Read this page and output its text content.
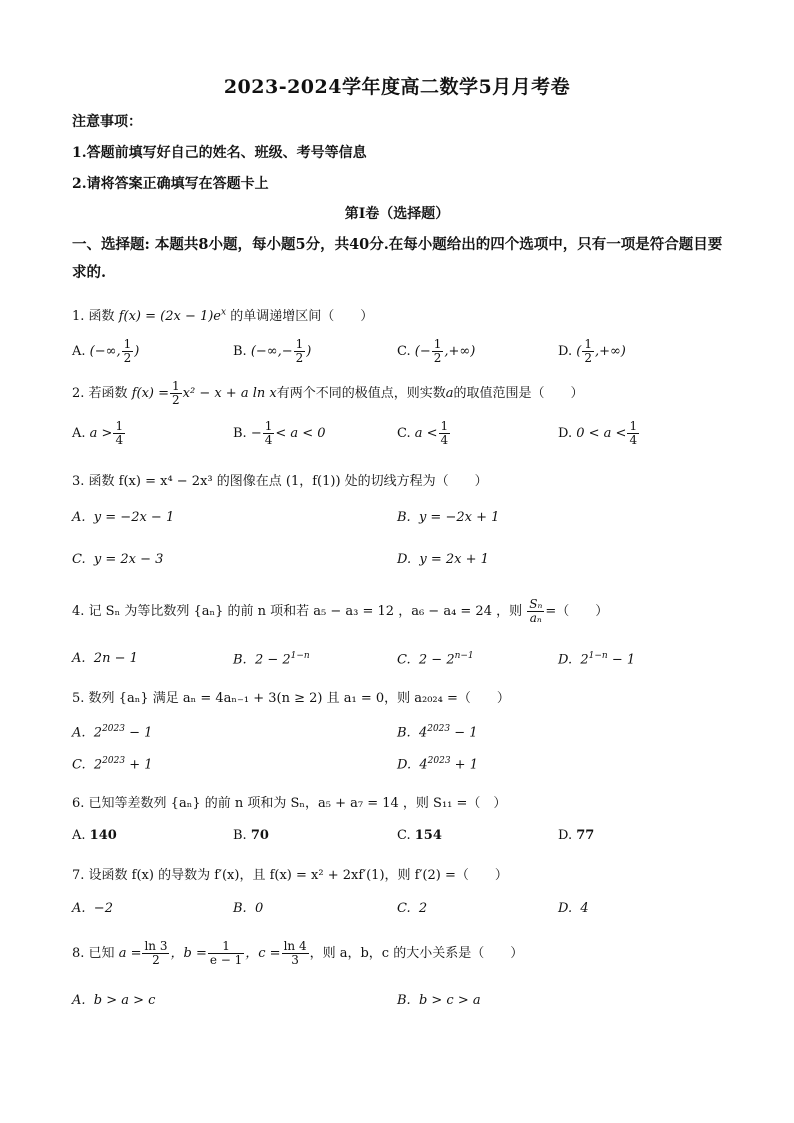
2023-2024学年度高二数学5月月考卷
注意事项：
1.答题前填写好自己的姓名、班级、考号等信息
2.请将答案正确填写在答题卡上
第I卷（选择题）
一、选择题: 本题共8小题，每小题5分，共40分.在每小题给出的四个选项中，只有一项是符合题目要求的.
1. 函数 $f(x) = (2x - 1)e^x$ 的单调递增区间（　　）
A. (−∞, $\frac{1}{2}$ )	B. (−∞,− $\frac{1}{2}$ )	C. (− $\frac{1}{2}$ ,+∞)	D. ( $\frac{1}{2}$ ,+∞)
2. 若函数 $f(x) = \frac{1}{2} x^2 - x + a$ ln x有两个不同的极值点，则实数a的取值范围是（　　）
A. $a > \frac{1}{4}$	B. − $\frac{1}{4} < a < 0$	C. $a < \frac{1}{4}$	D. $0 < a < \frac{1}{4}$
3. 函数 f(x) = x⁴ − 2x³ 的图像在点 (1，f(1)) 处的切线方程为（　　）
A. y = −2x − 1	B. y = −2x + 1
C. y = 2x − 3	D. y = 2x + 1
4. 记 Sₙ 为等比数列 {aₙ} 的前 n 项和若 a₅ − a₃ = 12 ，a₆ − a₄ = 24 ，则 $\frac{\text{Sₙ}}{\text{aₙ}}$ =（　　）
A. 2n − 1	B. $2 - 2^{1-n}$	C. $2 - 2^{n-1}$	D. $2^{1-n} - 1$
5. 数列 {aₙ} 满足 aₙ = 4aₙ₋₁ + 3(n ≥ 2) 且 a₁ = 0，则 a₂₀₂₄ =（　　）
A. $2^{2023} - 1$	B. $4^{2023} - 1$
C. $2^{2023} + 1$	D. $4^{2023} + 1$
6. 已知等差数列 {aₙ} 的前 n 项和为 Sₙ，a₅ + a₇ = 14 ，则 S₁₁ =（　）
A. 140	B. 70	C. 154	D. 77
7. 设函数 f(x) 的导数为 f′(x)，且 f(x) = x² + 2xf′(1)，则 f′(2) =（　　）
A. −2	B. 0	C. 2	D. 4
8. 已知 $a = \frac{\ln 3}{2}$ ，$b = \frac{1}{e - 1}$ ，$c = \frac{\ln 4}{3}$ ，则 a，b，c 的大小关系是（　　）
A. b > a > c	B. b > c > a
